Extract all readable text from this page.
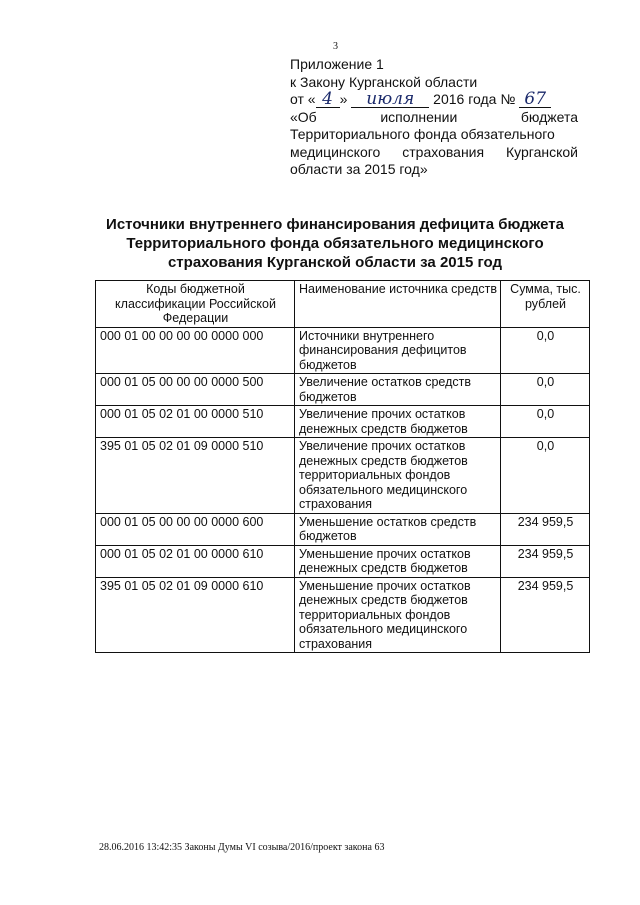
3
Приложение 1
к Закону Курганской области
от « 4 » июля 2016 года № 67
«Об	исполнении	бюджета
Территориального фонда обязательного
медицинского страхования Курганской
области за 2015 год»
Источники внутреннего финансирования дефицита бюджета
Территориального фонда обязательного медицинского
страхования Курганской области за 2015 год
Коды бюджетной классификации Российской Федерации	Наименование источника средств	Сумма, тыс. рублей
000 01 00 00 00 00 0000 000	Источники внутреннего финансирования дефицитов бюджетов	0,0
000 01 05 00 00 00 0000 500	Увеличение остатков средств бюджетов	0,0
000 01 05 02 01 00 0000 510	Увеличение прочих остатков денежных средств бюджетов	0,0
395 01 05 02 01 09 0000 510	Увеличение прочих остатков денежных средств бюджетов территориальных фондов обязательного медицинского страхования	0,0
000 01 05 00 00 00 0000 600	Уменьшение остатков средств бюджетов	234 959,5
000 01 05 02 01 00 0000 610	Уменьшение прочих остатков денежных средств бюджетов	234 959,5
395 01 05 02 01 09 0000 610	Уменьшение прочих остатков денежных средств бюджетов территориальных фондов обязательного медицинского страхования	234 959,5
28.06.2016 13:42:35 Законы Думы VI созыва/2016/проект закона 63
